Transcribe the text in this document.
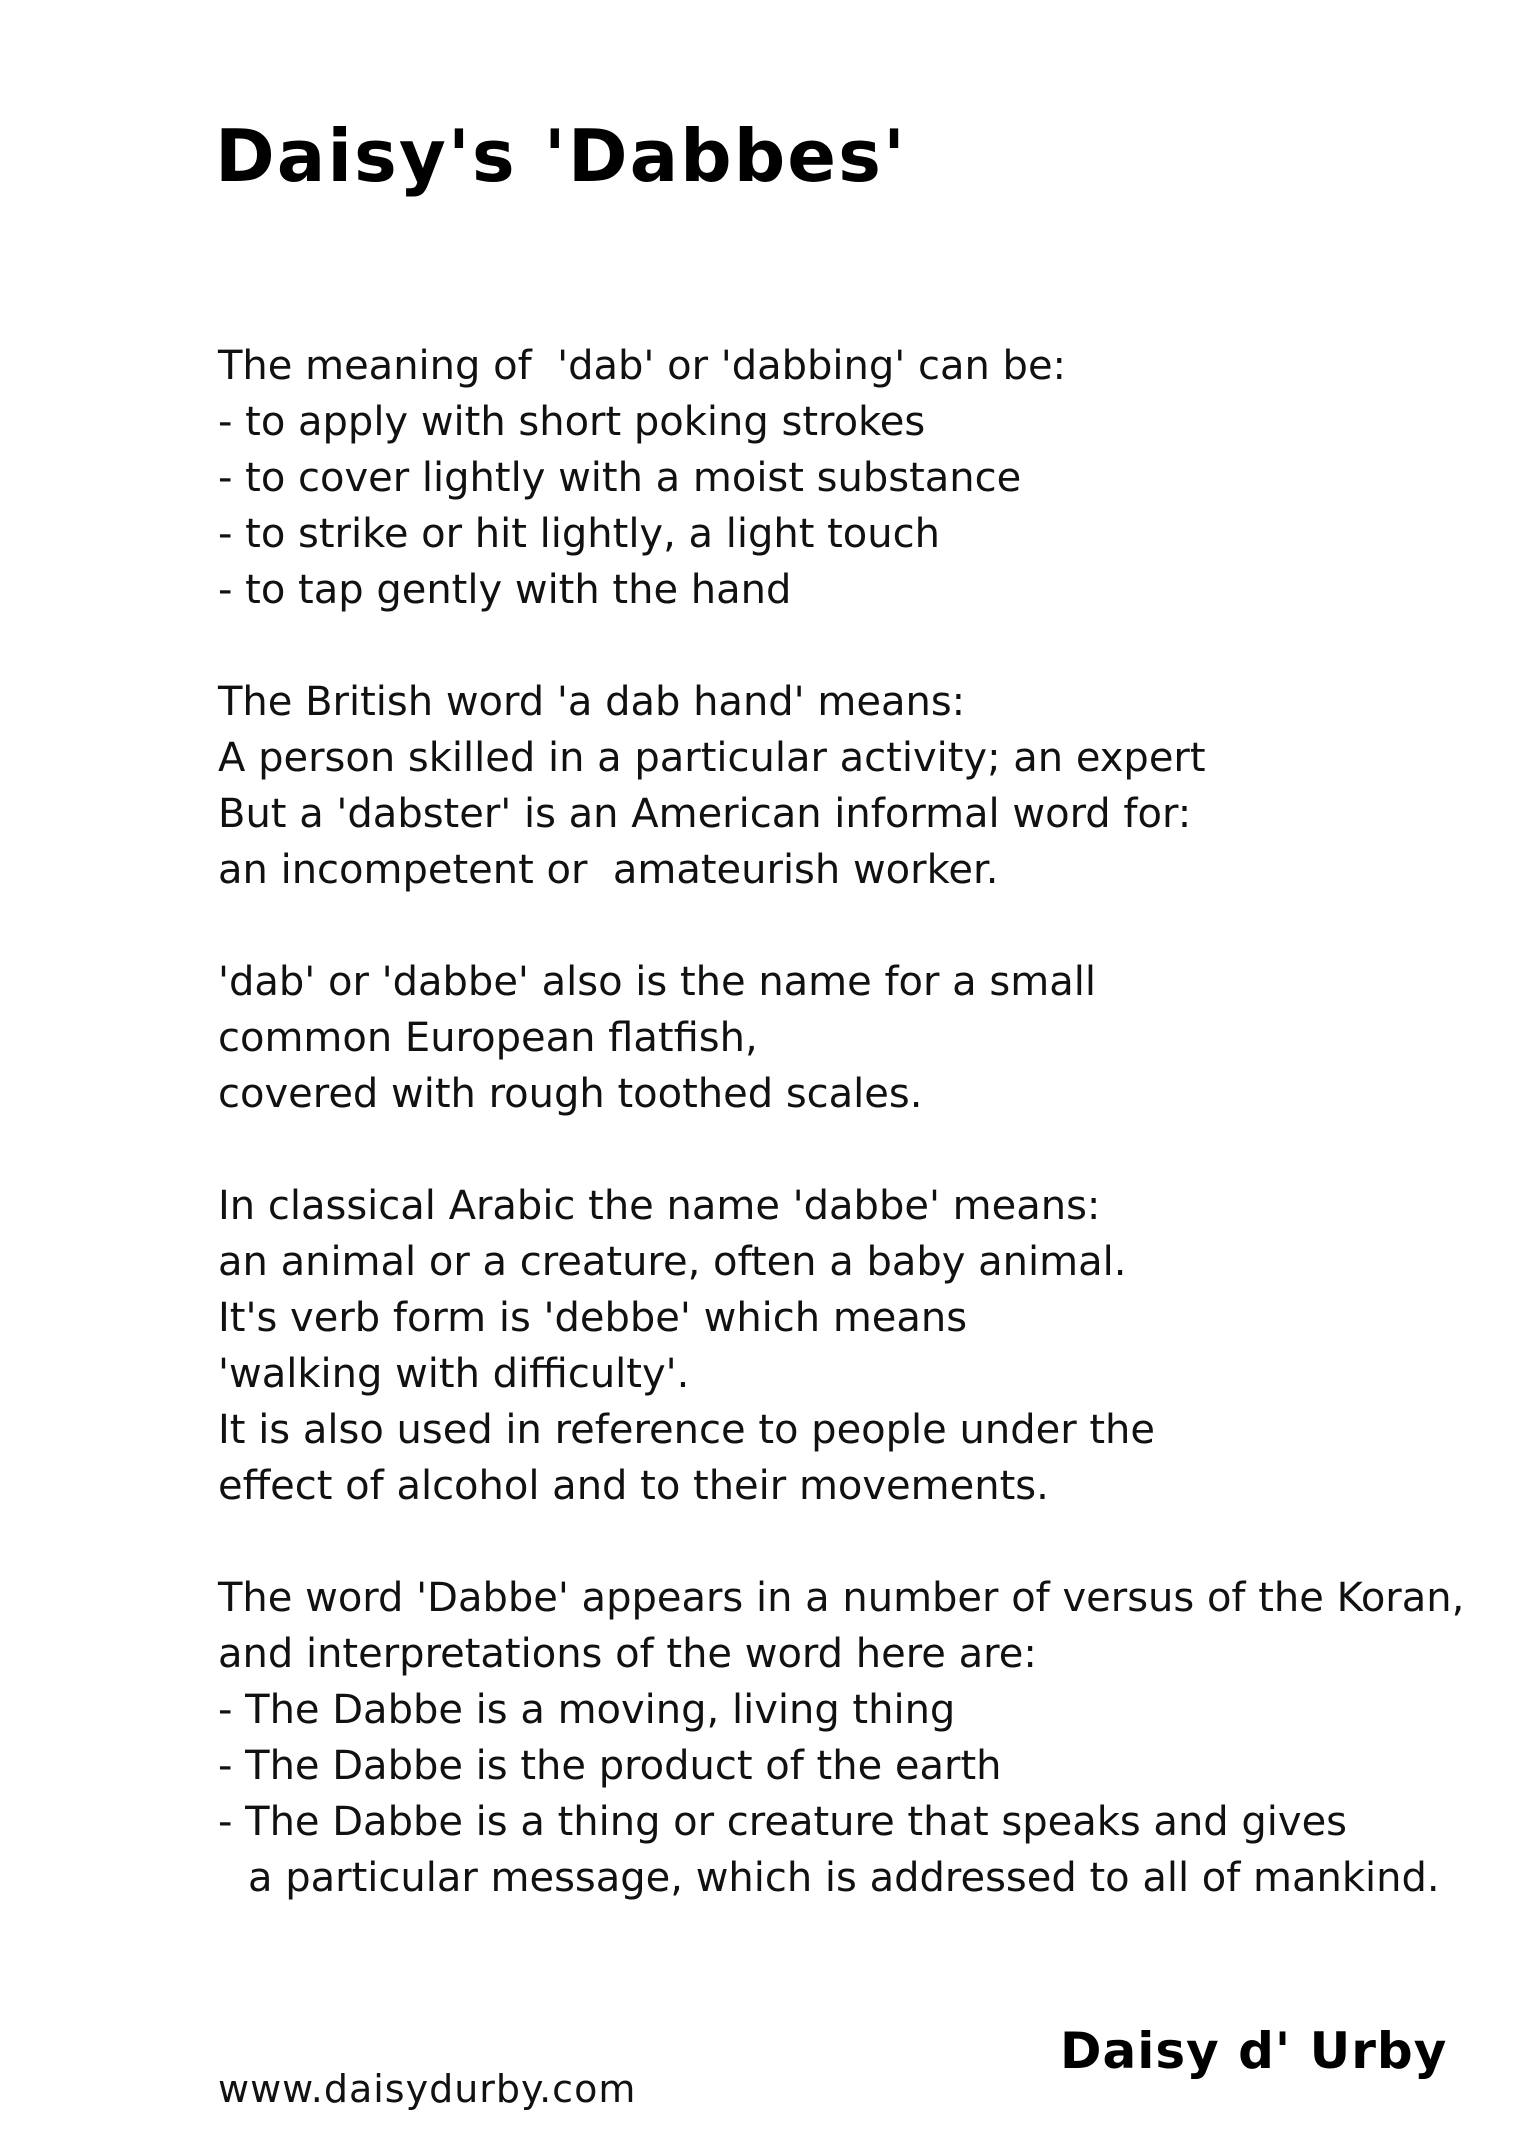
Daisy's 'Dabbes'
The meaning of  'dab' or 'dabbing' can be:
- to apply with short poking strokes
- to cover lightly with a moist substance
- to strike or hit lightly, a light touch
- to tap gently with the hand
The British word 'a dab hand' means:
A person skilled in a particular activity; an expert
But a 'dabster' is an American informal word for:
an incompetent or  amateurish worker.
'dab' or 'dabbe' also is the name for a small
common European flatfish,
covered with rough toothed scales.
In classical Arabic the name 'dabbe' means:
an animal or a creature, often a baby animal.
It's verb form is 'debbe' which means
'walking with difficulty'.
It is also used in reference to people under the
effect of alcohol and to their movements.
The word 'Dabbe' appears in a number of versus of the Koran,
and interpretations of the word here are:
- The Dabbe is a moving, living thing
- The Dabbe is the product of the earth
- The Dabbe is a thing or creature that speaks and gives
a particular message, which is addressed to all of mankind.
www.daisydurby.com
Daisy d' Urby
